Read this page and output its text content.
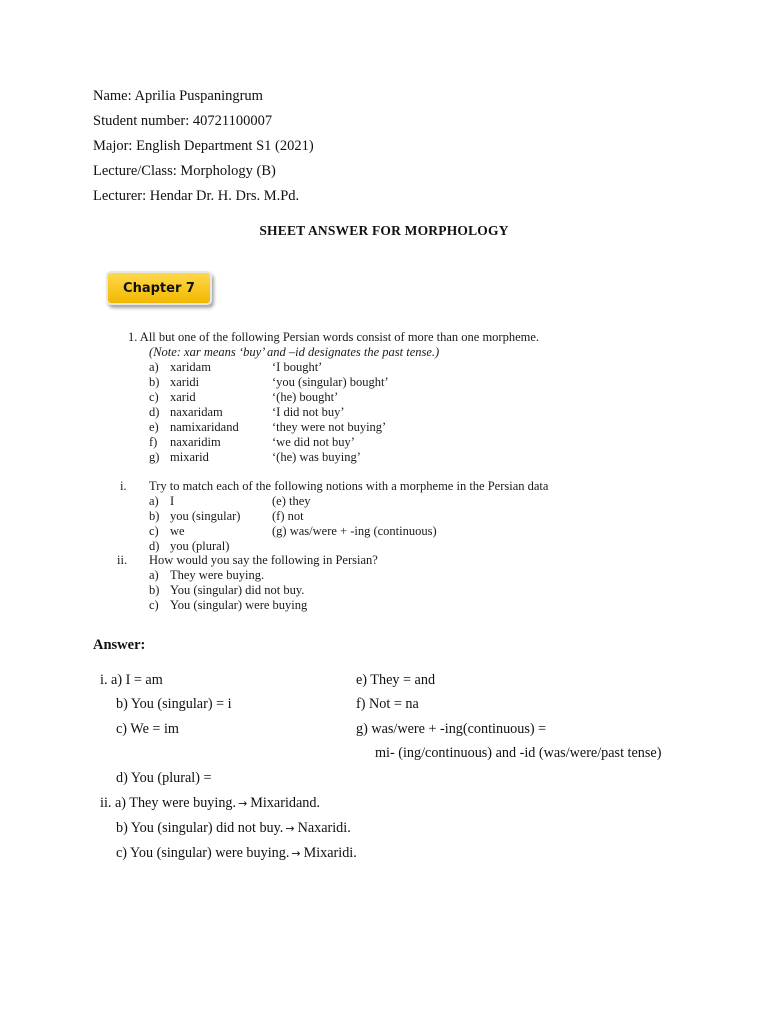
Name: Aprilia Puspaningrum
Student number: 40721100007
Major: English Department S1 (2021)
Lecture/Class: Morphology (B)
Lecturer: Hendar Dr. H. Drs. M.Pd.
SHEET ANSWER FOR MORPHOLOGY
Chapter 7
1. All but one of the following Persian words consist of more than one morpheme.
(Note: xar means ‘buy’ and –id designates the past tense.)
a) xaridam	‘I bought’
b) xaridi	‘you (singular) bought’
c) xarid	‘(he) bought’
d) naxaridam	‘I did not buy’
e) namixaridand	‘they were not buying’
f) naxaridim	‘we did not buy’
g) mixarid	‘(he) was buying’
i. Try to match each of the following notions with a morpheme in the Persian data
a) I	(e) they
b) you (singular)	(f) not
c) we	(g) was/were + -ing (continuous)
d) you (plural)
ii. How would you say the following in Persian?
a) They were buying.
b) You (singular) did not buy.
c) You (singular) were buying
Answer:
i. a) I = am
b) You (singular) = i
c) We = im
d) You (plural) =
e) They = and
f) Not = na
g) was/were + -ing(continuous) =
mi- (ing/continuous) and -id (was/were/past tense)
ii. a) They were buying. → Mixaridand.
b) You (singular) did not buy. → Naxaridi.
c) You (singular) were buying. → Mixaridi.
